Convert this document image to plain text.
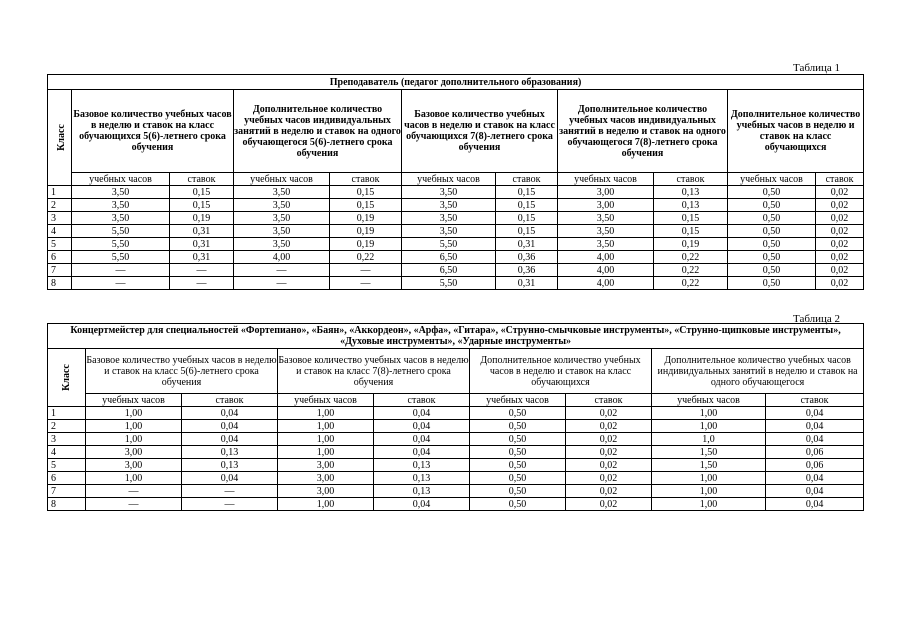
Таблица 1
Преподаватель (педагог дополнительного образования)										
Класс	Базовое количество учебных часов в неделю и ставок на класс обучающихся 5(6)-летнего срока обучения		Дополнительное количество учебных часов индивидуальных занятий в неделю и ставок на одного обучающегося 5(6)-летнего срока обучения		Базовое количество учебных часов в неделю и ставок на класс обучающихся 7(8)-летнего срока обучения		Дополнительное количество учебных часов индивидуальных занятий в неделю и ставок на одного обучающегося 7(8)-летнего срока обучения		Дополнительное количество учебных часов в неделю и ставок на класс обучающихся	
	учебных часов	ставок	учебных часов	ставок	учебных часов	ставок	учебных часов	ставок	учебных часов	ставок
1	3,50	0,15	3,50	0,15	3,50	0,15	3,00	0,13	0,50	0,02
2	3,50	0,15	3,50	0,15	3,50	0,15	3,00	0,13	0,50	0,02
3	3,50	0,19	3,50	0,19	3,50	0,15	3,50	0,15	0,50	0,02
4	5,50	0,31	3,50	0,19	3,50	0,15	3,50	0,15	0,50	0,02
5	5,50	0,31	3,50	0,19	5,50	0,31	3,50	0,19	0,50	0,02
6	5,50	0,31	4,00	0,22	6,50	0,36	4,00	0,22	0,50	0,02
7	—	—	—	—	6,50	0,36	4,00	0,22	0,50	0,02
8	—	—	—	—	5,50	0,31	4,00	0,22	0,50	0,02
Таблица 2
Концертмейстер для специальностей «Фортепиано», «Баян», «Аккордеон», «Арфа», «Гитара», «Струнно-смычковые инструменты», «Струнно-щипковые инструменты», «Духовые инструменты», «Ударные инструменты»								
Класс	Базовое количество учебных часов в неделю и ставок на класс 5(6)-летнего срока обучения		Базовое количество учебных часов в неделю и ставок на класс 7(8)-летнего срока обучения		Дополнительное количество учебных часов в неделю и ставок на класс обучающихся		Дополнительное количество учебных часов индивидуальных занятий в неделю и ставок на одного обучающегося	
	учебных часов	ставок	учебных часов	ставок	учебных часов	ставок	учебных часов	ставок
1	1,00	0,04	1,00	0,04	0,50	0,02	1,00	0,04
2	1,00	0,04	1,00	0,04	0,50	0,02	1,00	0,04
3	1,00	0,04	1,00	0,04	0,50	0,02	1,0	0,04
4	3,00	0,13	1,00	0,04	0,50	0,02	1,50	0,06
5	3,00	0,13	3,00	0,13	0,50	0,02	1,50	0,06
6	1,00	0,04	3,00	0,13	0,50	0,02	1,00	0,04
7	—	—	3,00	0,13	0,50	0,02	1,00	0,04
8	—	—	1,00	0,04	0,50	0,02	1,00	0,04
